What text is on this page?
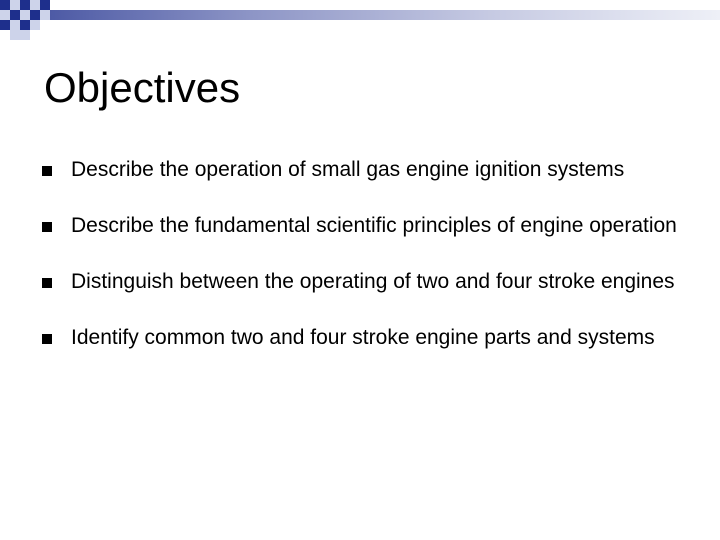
Objectives
Describe the operation of small gas engine ignition systems
Describe the fundamental scientific principles of engine operation
Distinguish between the operating of two and four stroke engines
Identify common two and four stroke engine parts and systems
